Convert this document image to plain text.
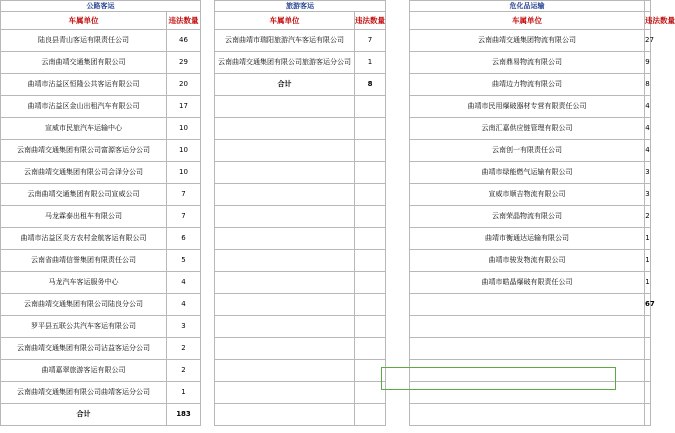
公路客运			旅游客运			危化品运输	
车属单位	违法数量		车属单位	违法数量		车属单位	违法数量
陆良县青山客运有限责任公司	46		云南曲靖市瑞阳旅游汽车客运有限公司	7		云南曲靖交通集团物流有限公司	27
云南曲靖交通集团有限公司	29		云南曲靖交通集团有限公司旅游客运分公司	1		云南鼎易物流有限公司	9
曲靖市沾益区恒隆公共客运有限公司	20		合计	8		曲靖边力物流有限公司	8
曲靖市沾益区金山出租汽车有限公司	17					曲靖市民用爆破器材专营有限责任公司	4
宣威市民旅汽车运输中心	10					云南汇嘉供应链管理有限公司	4
云南曲靖交通集团有限公司富源客运分公司	10					云南创一有限责任公司	4
云南曲靖交通集团有限公司会泽分公司	10					曲靖市绿能燃气运输有限公司	3
云南曲靖交通集团有限公司宣威公司	7					宣威市顺吉物流有限公司	3
马龙霖泰出租车有限公司	7					云南荣晶物流有限公司	2
曲靖市沾益区炎方农村金航客运有限公司	6					曲靖市衡通达运输有限公司	1
云南省曲靖信誉集团有限责任公司	5					曲靖市骏发物流有限公司	1
马龙汽车客运服务中心	4					曲靖市皓晶爆破有限责任公司	1
云南曲靖交通集团有限公司陆良分公司	4						67
罗平县五联公共汽车客运有限公司	3						
云南曲靖交通集团有限公司沾益客运分公司	2						
曲靖嘉翠旅游客运有限公司	2						
云南曲靖交通集团有限公司曲靖客运分公司	1						
合计	183						
